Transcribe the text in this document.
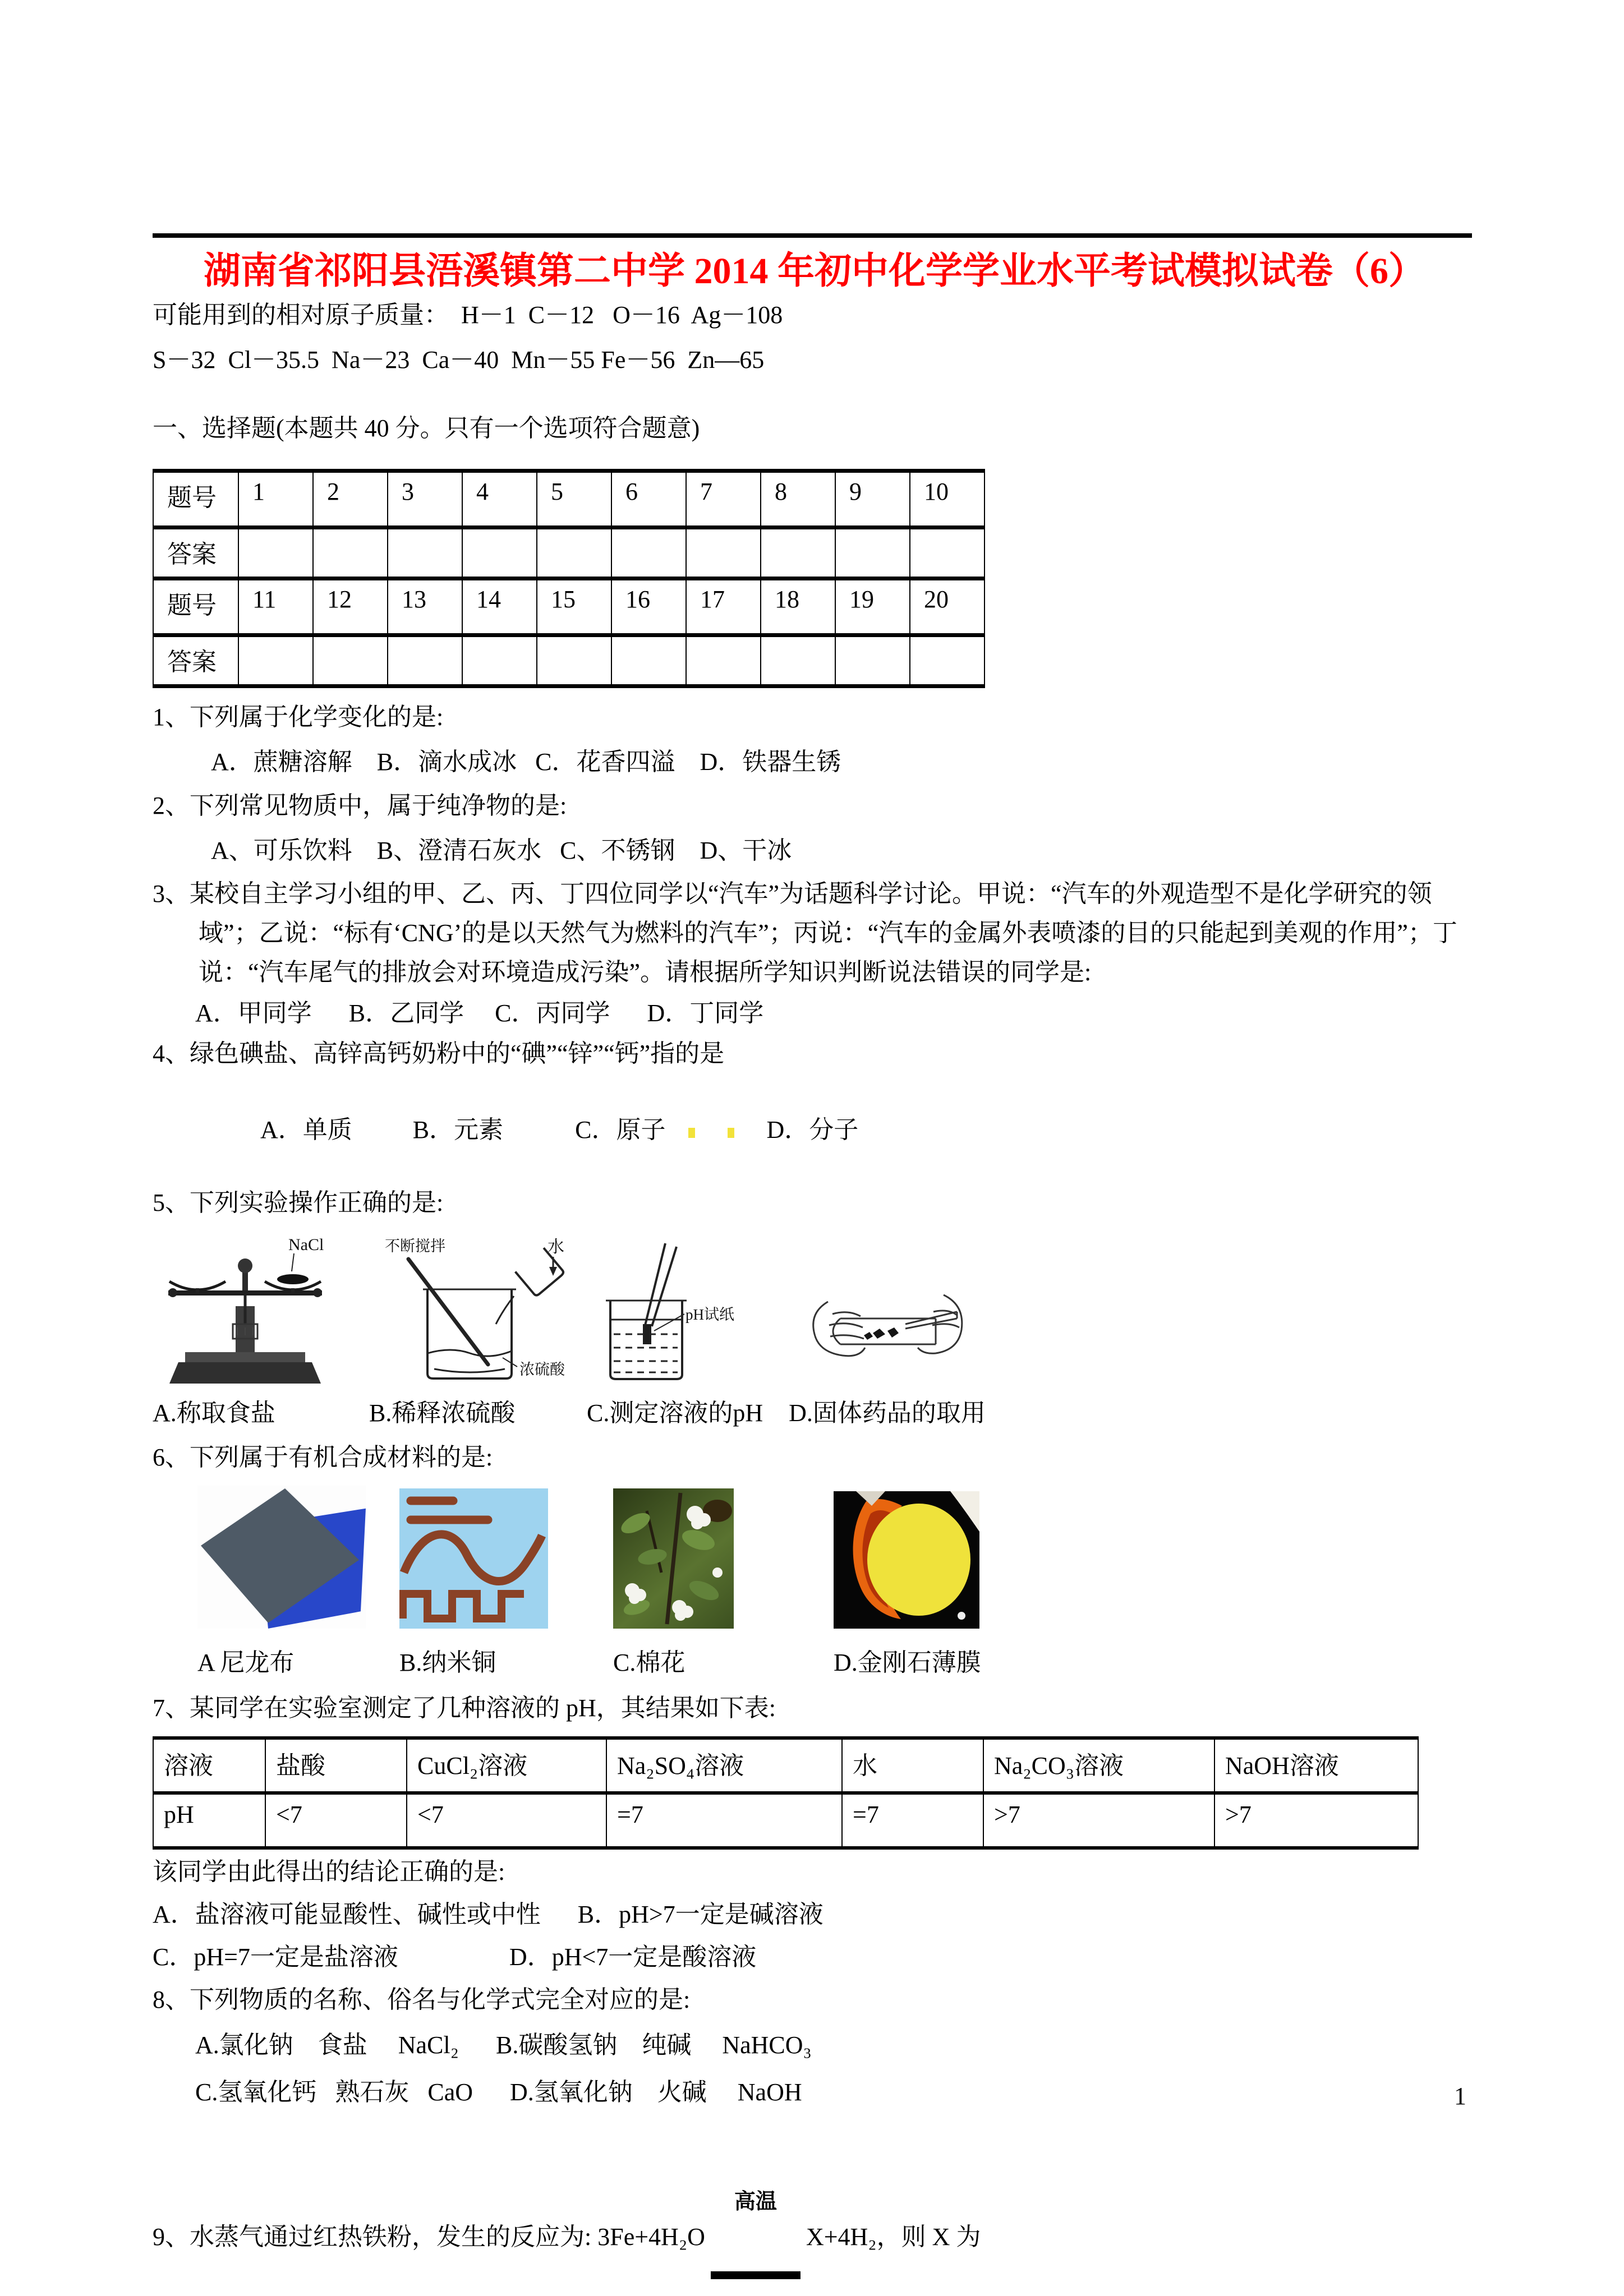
湖南省祁阳县浯溪镇第二中学 2014 年初中化学学业水平考试模拟试卷（6）

可能用到的相对原子质量：  H－1  C－12   O－16  Ag－108

S－32  Cl－35.5  Na－23  Ca－40  Mn－55 Fe－56  Zn—65

一、选择题(本题共 40 分。只有一个选项符合题意)

题号	1	2	3	4	5	6	7	8	9	10
答案										
题号	11	12	13	14	15	16	17	18	19	20
答案										

1、下列属于化学变化的是:

A．蔗糖溶解    B．滴水成冰   C．花香四溢    D．铁器生锈

2、下列常见物质中，属于纯净物的是:

A、可乐饮料    B、澄清石灰水   C、不锈钢    D、干冰

3、某校自主学习小组的甲、乙、丙、丁四位同学以“汽车”为话题科学讨论。甲说：“汽车的外观造型不是化学研究的领域”；乙说：“标有‘CNG’的是以天然气为燃料的汽车”；丙说：“汽车的金属外表喷漆的目的只能起到美观的作用”；丁说：“汽车尾气的排放会对环境造成污染”。请根据所学知识判断说法错误的同学是:

A．甲同学      B．乙同学     C．丙同学      D．丁同学

4、绿色碘盐、高锌高钙奶粉中的“碘”“锌”“钙”指的是

A．单质 B．元素	C．原子	D．分子

5、下列实验操作正确的是:

NaCl
A.称取食盐
不断搅拌	水
浓硫酸
B.稀释浓硫酸
pH试纸
C.测定溶液的pH D.固体药品的取用

6、下列属于有机合成材料的是:

A 尼龙布	B.纳米铜	C.棉花	D.金刚石薄膜

7、某同学在实验室测定了几种溶液的 pH，其结果如下表:

溶液	盐酸	CuCl₂溶液	Na₂SO₄溶液	水	Na₂CO₃溶液	NaOH溶液
pH	<7	<7	=7	=7	>7	>7

该同学由此得出的结论正确的是:

A．盐溶液可能显酸性、碱性或中性      B．pH>7一定是碱溶液

C．pH=7一定是盐溶液                  D．pH<7一定是酸溶液

8、下列物质的名称、俗名与化学式完全对应的是:

A.氯化钠    食盐     NaCl₂      B.碳酸氢钠    纯碱     NaHCO₃

C.氢氧化钙   熟石灰   CaO      D.氢氧化钠    火碱     NaOH

9、水蒸气通过红热铁粉，发生的反应为: 3Fe+4H₂O

高温

X+4H₂，则 X 为
1
